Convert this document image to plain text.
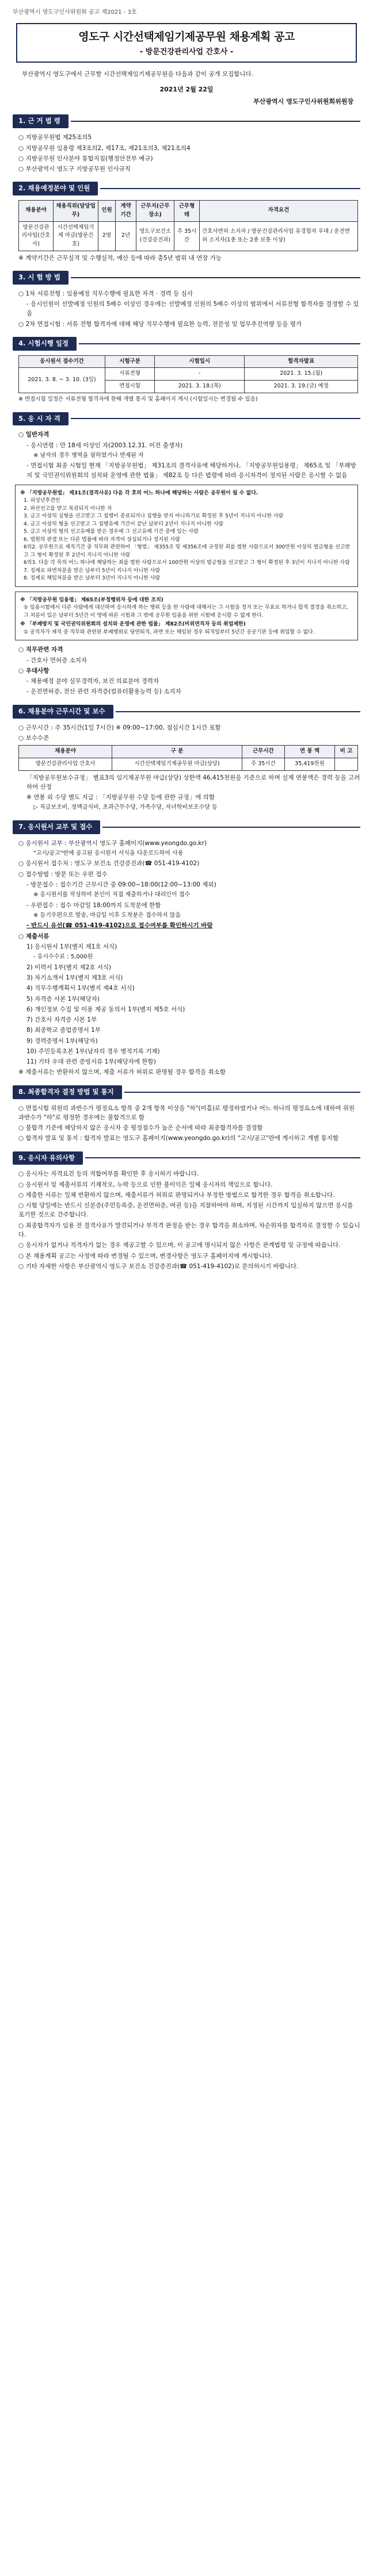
부산광역시 영도구인사위원회 공고 제2021 - 3호
영도구 시간선택제임기제공무원 채용계획 공고
- 방문건강관리사업 간호사 -
부산광역시 영도구에서 근무할 시간선택제임기제공무원을 다음과 같이 공개 모집합니다.
2021년 2월 22일
부산광역시 영도구인사위원회위원장
1. 근 거 법 령
○ 지방공무원법 제25조의5
○ 지방공무원 임용령 제3조의2, 제17조, 제21조의3, 제21조의4
○ 지방공무원 인사분야 통합지침(행정안전부 예규)
○ 부산광역시 영도구 지방공무원 인사규칙
2. 채용예정분야 및 인원
채용분야	채용직위(담당업무)	인원	계약기간	근무지(근무장소)	근무형태	자격요건
방문건강관리사업(간호사)	시간선택제임기제 마급(방문간호)	2명	2년	영도구보건소(건강증진과)	주 35시간	간호사면허 소지자 / 방문건강관리사업 유경험자 우대 / 운전면허 소지자(1종 또는 2종 보통 이상)
※ 계약기간은 근무실적 및 수행실적, 예산 등에 따라 총5년 범위 내 연장 가능
3. 시 험 방 법
○ 1차 서류전형 : 임용예정 직무수행에 필요한 자격 · 경력 등 심사
- 응시인원이 선발예정 인원의 5배수 이상인 경우에는 선발예정 인원의 5배수 이상의 범위에서 서류전형 합격자를 결정할 수 있음
○ 2차 면접시험 : 서류 전형 합격자에 대해 해당 직무수행에 필요한 능력, 전문성 및 업무추진역량 등을 평가
4. 시험시행 일정
응시원서 접수기간	시험구분	시험일시	합격자발표
2021. 3. 8. ~ 3. 10. (3일)	서류전형	-	2021. 3. 15.(월)
	면접시험	2021. 3. 18.(목)	2021. 3. 19.(금) 예정
※ 면접시험 일정은 서류전형 합격자에 한해 개별 통지 및 홈페이지 게시 (시험일시는 변경될 수 있음)
5. 응 시 자 격
○ 일반자격
- 응시연령 : 만 18세 이상인 자(2003.12.31. 이전 출생자)
※ 남자의 경우 병역을 필하였거나 면제된 자
- 면접시험 최종 시험일 현재 「지방공무원법」 제31조의 결격사유에 해당하거나, 「지방공무원임용령」 제65조 및 「부패방지 및 국민권익위원회의 설치와 운영에 관한 법률」 제82조 등 다른 법령에 따라 응시자격이 정지된 사람은 응시할 수 없음
※ 「지방공무원법」 제31조(결격사유) 다음 각 호의 어느 하나에 해당하는 사람은 공무원이 될 수 없다.
1. 피성년후견인
2. 파산선고를 받고 복권되지 아니한 자
3. 금고 이상의 실형을 선고받고 그 집행이 종료되거나 집행을 받지 아니하기로 확정된 후 5년이 지나지 아니한 사람
4. 금고 이상의 형을 선고받고 그 집행유예 기간이 끝난 날부터 2년이 지나지 아니한 사람
5. 금고 이상의 형의 선고유예를 받은 경우에 그 선고유예 기간 중에 있는 사람
6. 법원의 판결 또는 다른 법률에 따라 자격이 상실되거나 정지된 사람
6의2. 공무원으로 재직기간 중 직무와 관련하여 「형법」 제355조 및 제356조에 규정된 죄를 범한 사람으로서 300만원 이상의 벌금형을 선고받고 그 형이 확정된 후 2년이 지나지 아니한 사람
6의3. 다음 각 목의 어느 하나에 해당하는 죄를 범한 사람으로서 100만원 이상의 벌금형을 선고받고 그 형이 확정된 후 3년이 지나지 아니한 사람
7. 징계로 파면처분을 받은 날부터 5년이 지나지 아니한 사람
8. 징계로 해임처분을 받은 날부터 3년이 지나지 아니한 사람
※ 「지방공무원 임용령」 제65조(부정행위자 등에 대한 조치)
① 임용시험에서 다른 사람에게 대신하여 응시하게 하는 행위 등을 한 사람에 대해서는 그 시험을 정지 또는 무효로 하거나 합격 결정을 취소하고, 그 처분이 있은 날부터 5년간 이 영에 따른 시험과 그 밖에 공무원 임용을 위한 시험에 응시할 수 없게 한다.
※ 「부패방지 및 국민권익위원회의 설치와 운영에 관한 법률」 제82조(비위면직자 등의 취업제한)
① 공직자가 재직 중 직무와 관련된 부패행위로 당연퇴직, 파면 또는 해임된 경우 퇴직일부터 5년간 공공기관 등에 취업할 수 없다.
○ 직무관련 자격
- 간호사 면허증 소지자
○ 우대사항
- 채용예정 분야 실무경력자, 보건 의료분야 경력자
- 운전면허증, 전산 관련 자격증(컴퓨터활용능력 등) 소지자
6. 채용분야 근무시간 및 보수
○ 근무시간 : 주 35시간(1일 7시간) ※ 09:00~17:00, 점심시간 1시간 포함
○ 보수수준
채용분야	구 분	근무시간	연 봉 액	비 고
방문건강관리사업 간호사	시간선택제임기제공무원 마급(상당)	주 35시간	35,419천원	
「지방공무원보수규정」 별표3의 임기제공무원 마급(상당) 상한액 46,415천원을 기준으로 하며 실제 연봉액은 경력 등을 고려하여 산정
※ 연봉 외 수당 별도 지급 : 「지방공무원 수당 등에 관한 규정」에 의함
▷ 직급보조비, 정액급식비, 초과근무수당, 가족수당, 자녀학비보조수당 등
7. 응시원서 교부 및 접수
○ 응시원서 교부 : 부산광역시 영도구 홈페이지(www.yeongdo.go.kr)
"고시/공고"란에 공고된 응시원서 서식을 다운로드하여 사용
○ 응시원서 접수처 : 영도구 보건소 건강증진과(☎ 051-419-4102)
○ 접수방법 : 방문 또는 우편 접수
- 방문접수 : 접수기간 근무시간 중 09:00~18:00(12:00~13:00 제외)
※ 응시원서를 작성하여 본인이 직접 제출하거나 대리인이 접수
- 우편접수 : 접수 마감일 18:00까지 도착분에 한함
※ 등기우편으로 발송, 마감일 이후 도착분은 접수하지 않음
- 반드시 유선(☎ 051-419-4102)으로 접수여부를 확인하시기 바람
○ 제출서류
1) 응시원서 1부(별지 제1호 서식)
- 응시수수료 : 5,000원
2) 이력서 1부(별지 제2호 서식)
3) 자기소개서 1부(별지 제3호 서식)
4) 직무수행계획서 1부(별지 제4호 서식)
5) 자격증 사본 1부(해당자)
6) 개인정보 수집 및 이용 제공 동의서 1부(별지 제5호 서식)
7) 간호사 자격증 사본 1부
8) 최종학교 졸업증명서 1부
9) 경력증명서 1부(해당자)
10) 주민등록초본 1부(남자의 경우 병적기록 기재)
11) 기타 우대 관련 증빙서류 1부(해당자에 한함)
※ 제출서류는 반환하지 않으며, 제출 서류가 허위로 판명될 경우 합격을 취소함
8. 최종합격자 결정 방법 및 통지
○ 면접시험 위원의 과반수가 평정요소 항목 중 2개 항목 이상을 "하"(미흡)로 평정하였거나 어느 하나의 평정요소에 대하여 위원 과반수가 "하"로 평정한 경우에는 불합격으로 함
○ 불합격 기준에 해당하지 않은 응시자 중 평정점수가 높은 순서에 따라 최종합격자를 결정함
○ 합격자 발표 및 통지 : 합격자 발표는 영도구 홈페이지(www.yeongdo.go.kr)의 "고시/공고"란에 게시하고 개별 통지함
9. 응시자 유의사항
○ 응시자는 자격요건 등의 적합여부를 확인한 후 응시하기 바랍니다.
○ 응시원서 및 제출서류의 기재착오, 누락 등으로 인한 불이익은 일체 응시자의 책임으로 합니다.
○ 제출한 서류는 일체 반환하지 않으며, 제출서류가 허위로 판명되거나 부정한 방법으로 합격한 경우 합격을 취소합니다.
○ 시험 당일에는 반드시 신분증(주민등록증, 운전면허증, 여권 등)을 지참하여야 하며, 지정된 시간까지 입실하지 않으면 응시를 포기한 것으로 간주합니다.
○ 최종합격자가 임용 전 결격사유가 발견되거나 부적격 판정을 받는 경우 합격을 취소하며, 차순위자를 합격자로 결정할 수 있습니다.
○ 응시자가 없거나 적격자가 없는 경우 재공고할 수 있으며, 이 공고에 명시되지 않은 사항은 관계법령 및 규정에 따릅니다.
○ 본 채용계획 공고는 사정에 따라 변경될 수 있으며, 변경사항은 영도구 홈페이지에 게시합니다.
○ 기타 자세한 사항은 부산광역시 영도구 보건소 건강증진과(☎ 051-419-4102)로 문의하시기 바랍니다.
